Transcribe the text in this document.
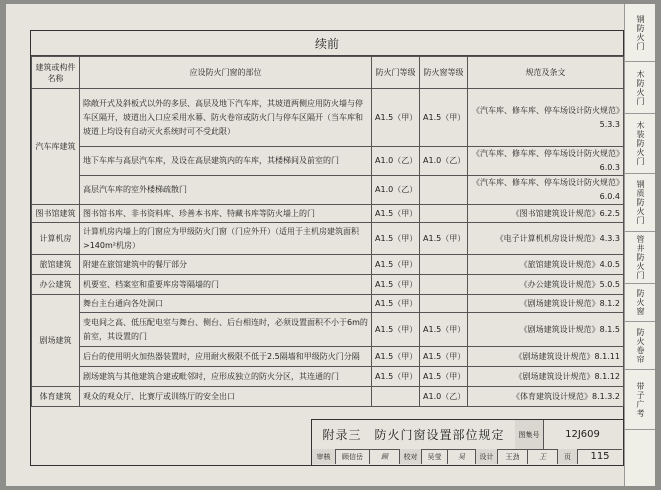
续前
建筑或构件名称	应设防火门窗的部位	防火门等级	防火窗等级	规范及条文
汽车库建筑	除敞开式及斜板式以外的多层、高层及地下汽车库，其坡道两侧应用防火墙与停车区隔开，坡道出入口应采用水幕、防火卷帘或防火门与停车区隔开（当车库和坡道上均设有自动灭火系统时可不受此限）	A1.5（甲）	A1.5（甲）	《汽车库、修车库、停车场设计防火规范》5.3.3
	地下车库与高层汽车库，及设在高层建筑内的车库，其楼梯间及前室的门	A1.0（乙）	A1.0（乙）	《汽车库、修车库、停车场设计防火规范》6.0.3
	高层汽车库的室外楼梯疏散门	A1.0（乙）		《汽车库、修车库、停车场设计防火规范》6.0.4
图书馆建筑	图书馆书库、非书资料库、珍善本书库、特藏书库等防火墙上的门	A1.5（甲）		《图书馆建筑设计规范》6.2.5
计算机房	计算机房内墙上的门窗应为甲级防火门窗（门应外开）（适用于主机房建筑面积>140m²机房）	A1.5（甲）	A1.5（甲）	《电子计算机机房设计规范》4.3.3
旅馆建筑	附建在旅馆建筑中的餐厅部分	A1.5（甲）		《旅馆建筑设计规范》4.0.5
办公建筑	机要室、档案室和重要库房等隔墙的门	A1.5（甲）		《办公建筑设计规范》5.0.5
剧场建筑	舞台主台通向各处洞口	A1.5（甲）		《剧场建筑设计规范》8.1.2
	变电间之高、低压配电室与舞台、侧台、后台相连时，必须设置面积不小于6m的前室，其设置的门	A1.5（甲）	A1.5（甲）	《剧场建筑设计规范》8.1.5
	后台的使用明火加热器装置时，应用耐火极限不低于2.5隔墙和甲级防火门分隔	A1.5（甲）	A1.5（甲）	《剧场建筑设计规范》8.1.11
	剧场建筑与其他建筑合建或毗邻时，应形成独立的防火分区，其连通的门	A1.5（甲）	A1.5（甲）	《剧场建筑设计规范》8.1.12
体育建筑	观众的观众厅、比赛厅或训练厅的安全出口		A1.0（乙）	《体育建筑设计规范》8.1.3.2
附录三　防火门窗设置部位规定	图集号	12J609
审核	顾信岳	顾	校对	吴莹	吴	设计	王劲	王	页	115
钢防火门
木防火门
木装防火门
钢质防火门
管井防火门
防火窗
防火卷帘
带子广考
